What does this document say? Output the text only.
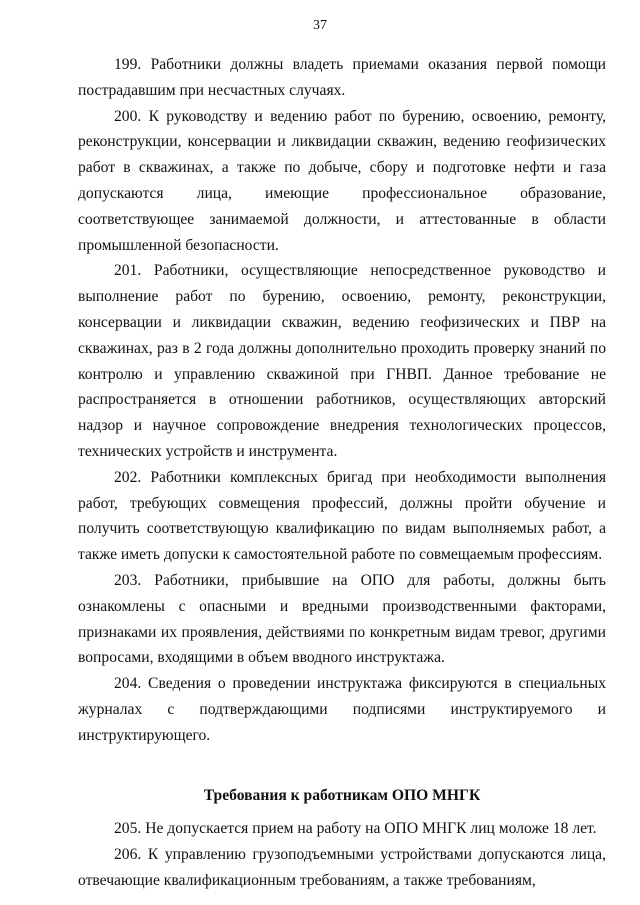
37

199. Работники должны владеть приемами оказания первой помощи пострадавшим при несчастных случаях.

200. К руководству и ведению работ по бурению, освоению, ремонту, реконструкции, консервации и ликвидации скважин, ведению геофизических работ в скважинах, а также по добыче, сбору и подготовке нефти и газа допускаются лица, имеющие профессиональное образование, соответствующее занимаемой должности, и аттестованные в области промышленной безопасности.

201. Работники, осуществляющие непосредственное руководство и выполнение работ по бурению, освоению, ремонту, реконструкции, консервации и ликвидации скважин, ведению геофизических и ПВР на скважинах, раз в 2 года должны дополнительно проходить проверку знаний по контролю и управлению скважиной при ГНВП. Данное требование не распространяется в отношении работников, осуществляющих авторский надзор и научное сопровождение внедрения технологических процессов, технических устройств и инструмента.

202. Работники комплексных бригад при необходимости выполнения работ, требующих совмещения профессий, должны пройти обучение и получить соответствующую квалификацию по видам выполняемых работ, а также иметь допуски к самостоятельной работе по совмещаемым профессиям.

203. Работники, прибывшие на ОПО для работы, должны быть ознакомлены с опасными и вредными производственными факторами, признаками их проявления, действиями по конкретным видам тревог, другими вопросами, входящими в объем вводного инструктажа.

204. Сведения о проведении инструктажа фиксируются в специальных журналах с подтверждающими подписями инструктируемого и инструктирующего.

Требования к работникам ОПО МНГК

205. Не допускается прием на работу на ОПО МНГК лиц моложе 18 лет.

206. К управлению грузоподъемными устройствами допускаются лица, отвечающие квалификационным требованиям, а также требованиям,
